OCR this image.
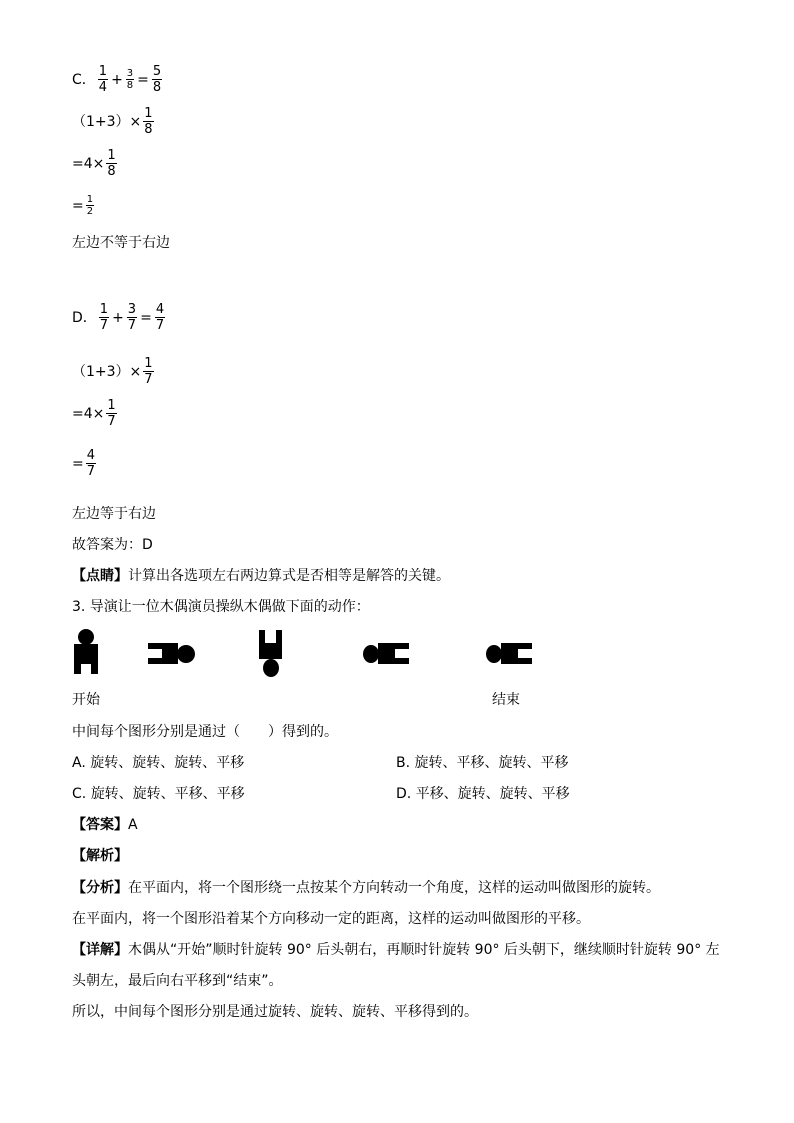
C． $\frac{1}{4} + \frac{3}{8} = \frac{5}{8}$
$(1+3)\times \frac{1}{8}$
$=4\times \frac{1}{8}$
= $\frac{1}{2}$
左边不等于右边
D． $\frac{1}{7} + \frac{3}{7} = \frac{4}{7}$
$(1+3)\times \frac{1}{7}$
$=4\times \frac{1}{7}$
= $\frac{4}{7}$
左边等于右边
故答案为：D
【点睛】计算出各选项左右两边算式是否相等是解答的关键。
3. 导演让一位木偶演员操纵木偶做下面的动作：
开始	结束
中间每个图形分别是通过（　　）得到的。
A. 旋转、旋转、旋转、平移	B. 旋转、平移、旋转、平移
C. 旋转、旋转、平移、平移	D. 平移、旋转、旋转、平移
【答案】A
【解析】
【分析】在平面内，将一个图形绕一点按某个方向转动一个角度，这样的运动叫做图形的旋转。
在平面内，将一个图形沿着某个方向移动一定的距离，这样的运动叫做图形的平移。
【详解】木偶从“开始”顺时针旋转 90° 后头朝右，再顺时针旋转 90° 后头朝下，继续顺时针旋转 90° 左
头朝左，最后向右平移到“结束”。
所以，中间每个图形分别是通过旋转、旋转、旋转、平移得到的。
